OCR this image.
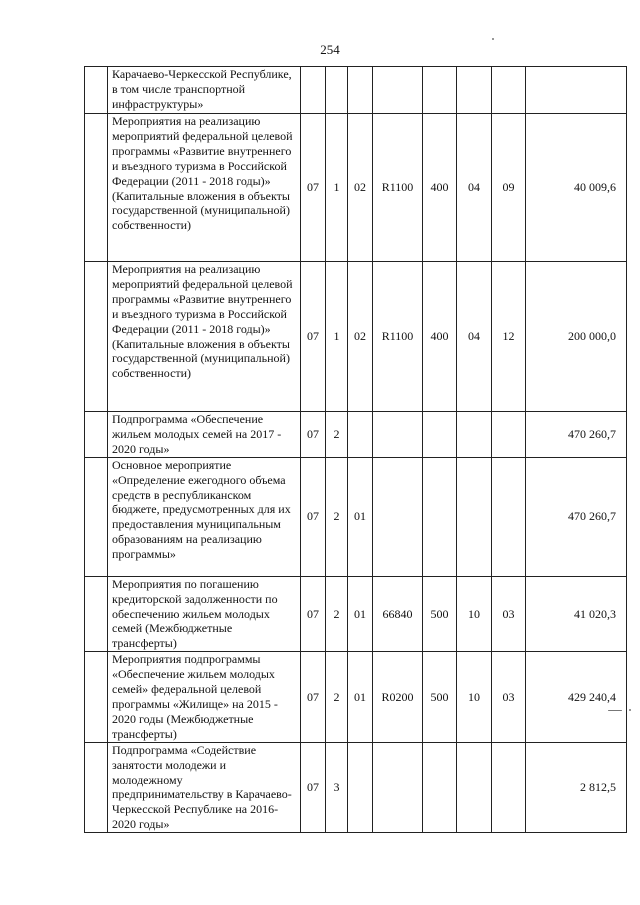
254
	Карачаево-Черкесской Республике, в том числе транспортной инфраструктуры»								
	Мероприятия на реализацию мероприятий федеральной целевой программы «Развитие внутреннего и въездного туризма в Российской Федерации (2011 - 2018 годы)» (Капитальные вложения в объекты государственной (муниципальной) собственности)	07	1	02	R1100	400	04	09	40 009,6
	Мероприятия на реализацию мероприятий федеральной целевой программы «Развитие внутреннего и въездного туризма в Российской Федерации (2011 - 2018 годы)» (Капитальные вложения в объекты государственной (муниципальной) собственности)	07	1	02	R1100	400	04	12	200 000,0
	Подпрограмма «Обеспечение жильем молодых семей на 2017 - 2020 годы»	07	2						470 260,7
	Основное мероприятие «Определение ежегодного объема средств в республиканском бюджете, предусмотренных для их предоставления муниципальным образованиям на реализацию программы»	07	2	01					470 260,7
	Мероприятия по погашению кредиторской задолженности по обеспечению жильем молодых семей (Межбюджетные трансферты)	07	2	01	66840	500	10	03	41 020,3
	Мероприятия подпрограммы «Обеспечение жильем молодых семей» федеральной целевой программы «Жилище» на 2015 - 2020 годы (Межбюджетные трансферты)	07	2	01	R0200	500	10	03	429 240,4
	Подпрограмма «Содействие занятости молодежи и молодежному предпринимательству в Карачаево-Черкесской Республике на 2016-2020 годы»	07	3						2 812,5
